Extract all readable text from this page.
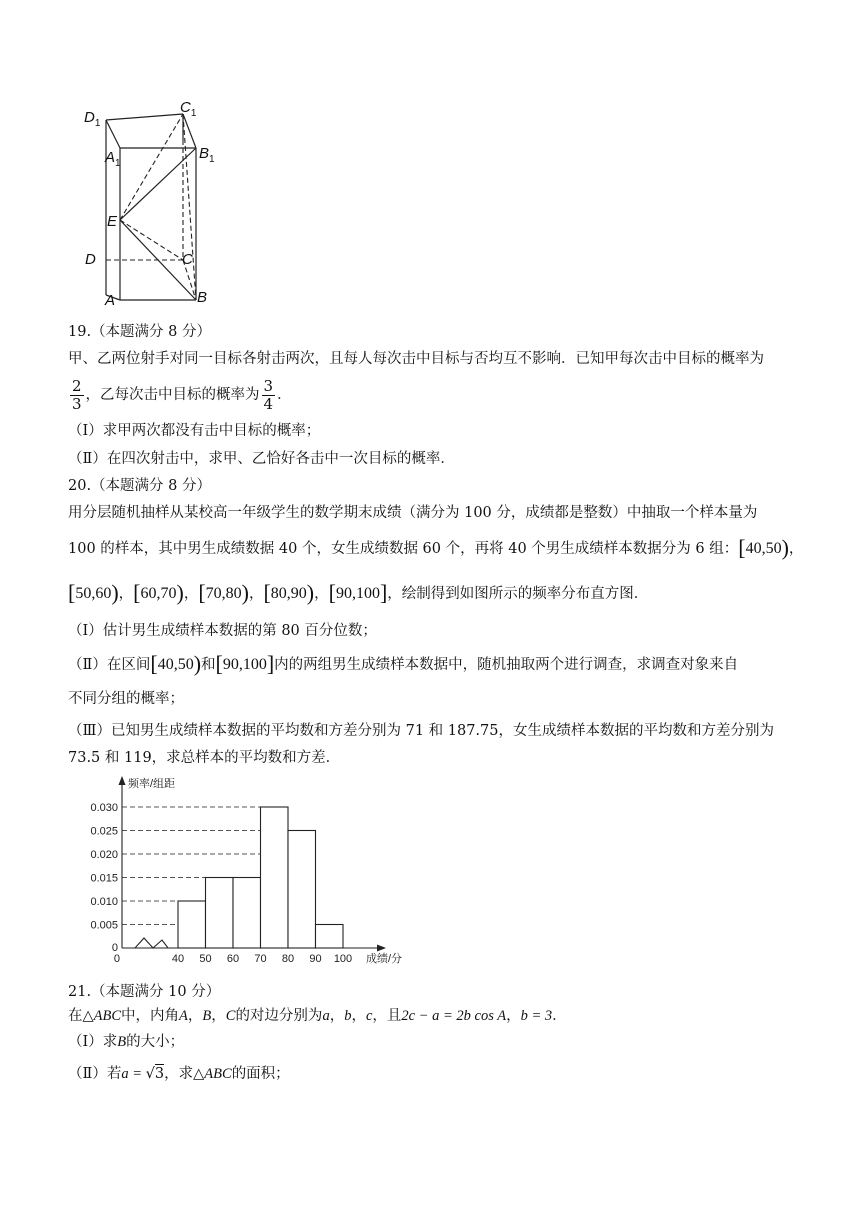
$D_1$
$C_1$
$A_1$
$B_1$
E
D	C
A	B
19.（本题满分 8 分）
甲、乙两位射手对同一目标各射击两次，且每人每次击中目标与否均互不影响．已知甲每次击中目标的概率为
$\frac{2}{3}$ ，乙每次击中目标的概率为 $\frac{3}{4}$ ．
（Ⅰ）求甲两次都没有击中目标的概率；
（Ⅱ）在四次射击中，求甲、乙恰好各击中一次目标的概率．
20.（本题满分 8 分）
用分层随机抽样从某校高一年级学生的数学期末成绩（满分为 100 分，成绩都是整数）中抽取一个样本量为
100 的样本，其中男生成绩数据 40 个，女生成绩数据 60 个，再将 40 个男生成绩样本数据分为 6 组：[40,50)，
[50,60)，[60,70)，[70,80)，[80,90)，[90,100]，绘制得到如图所示的频率分布直方图．
（Ⅰ）估计男生成绩样本数据的第 80 百分位数；
（Ⅱ）在区间[40,50)和[90,100]内的两组男生成绩样本数据中，随机抽取两个进行调查，求调查对象来自
不同分组的概率；
（Ⅲ）已知男生成绩样本数据的平均数和方差分别为 71 和 187.75，女生成绩样本数据的平均数和方差分别为
73.5 和 119，求总样本的平均数和方差．
0.030
0.025
0.020
0.015
0.010
0.005
40 50 60 70 80 90 100
频率/组距
成绩/分
0
0
21.（本题满分 10 分）
在△ABC中，内角A，B，C的对边分别为a，b，c，且2c − a = 2b cos A，b = 3．
（Ⅰ）求B的大小；
（Ⅱ）若a = √3，求△ABC的面积；
